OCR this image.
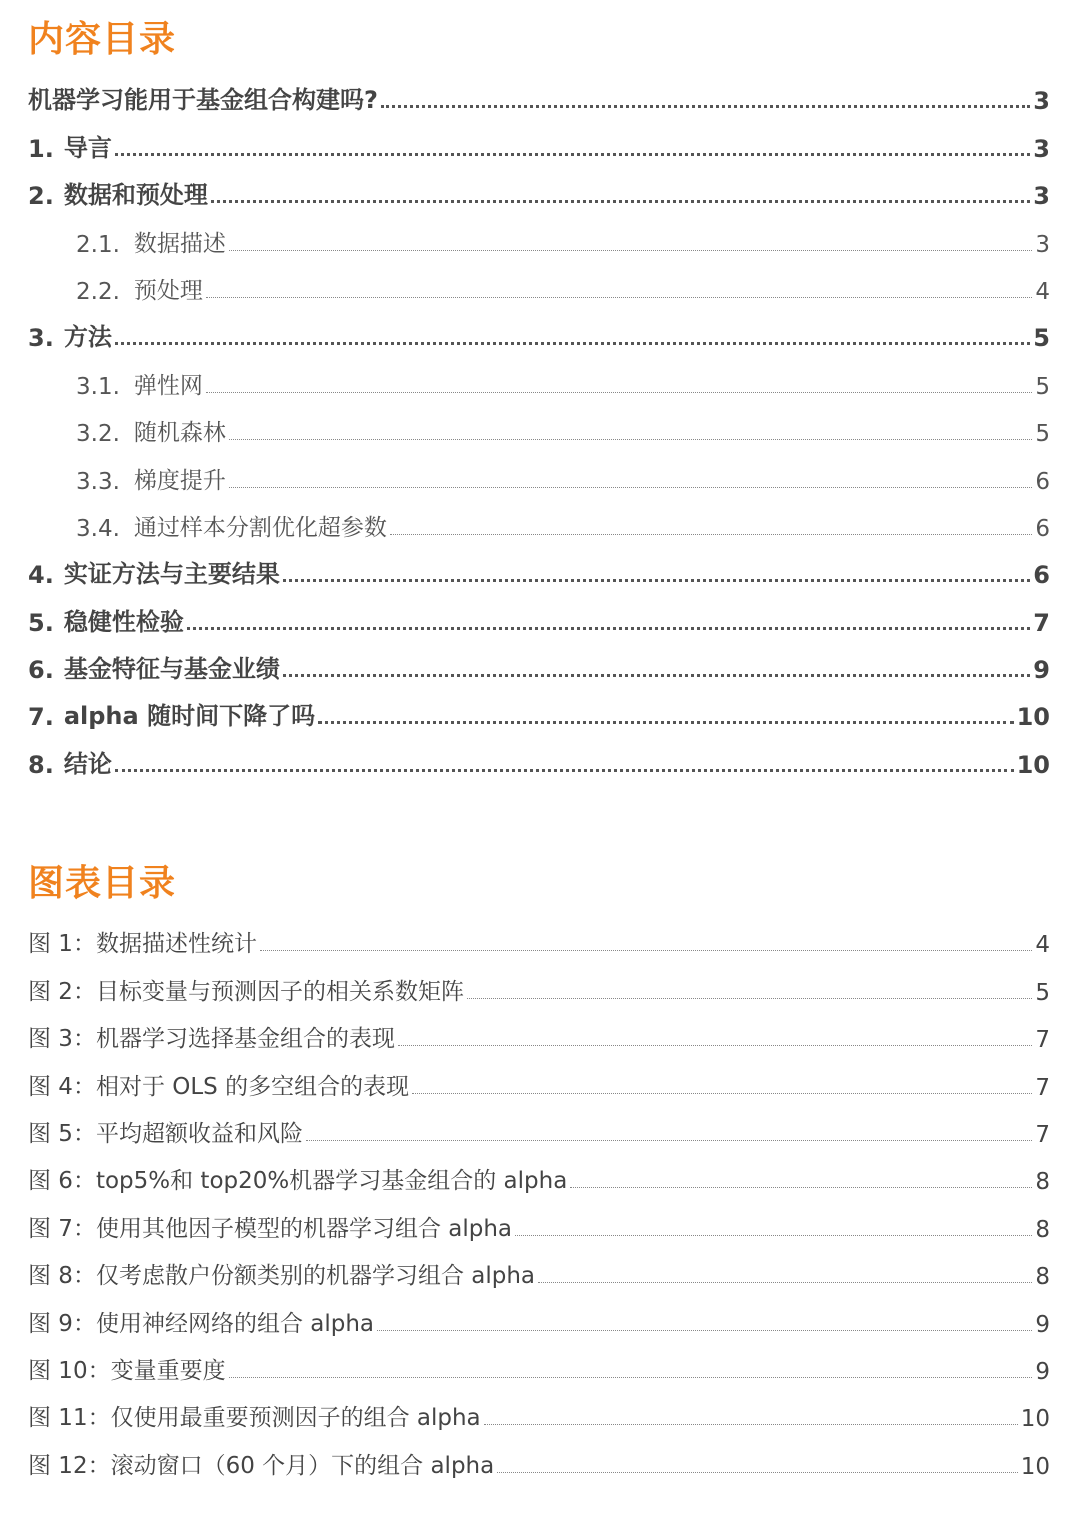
内容目录
机器学习能用于基金组合构建吗?	3
1. 导言	3
2. 数据和预处理	3
2.1. 数据描述	3
2.2. 预处理	4
3. 方法	5
3.1. 弹性网	5
3.2. 随机森林	5
3.3. 梯度提升	6
3.4. 通过样本分割优化超参数	6
4. 实证方法与主要结果	6
5. 稳健性检验	7
6. 基金特征与基金业绩	9
7. alpha 随时间下降了吗	10
8. 结论	10
图表目录
图 1：数据描述性统计	4
图 2：目标变量与预测因子的相关系数矩阵	5
图 3：机器学习选择基金组合的表现	7
图 4：相对于 OLS 的多空组合的表现	7
图 5：平均超额收益和风险	7
图 6：top5%和 top20%机器学习基金组合的 alpha	8
图 7：使用其他因子模型的机器学习组合 alpha	8
图 8：仅考虑散户份额类别的机器学习组合 alpha	8
图 9：使用神经网络的组合 alpha	9
图 10：变量重要度	9
图 11：仅使用最重要预测因子的组合 alpha	10
图 12：滚动窗口（60 个月）下的组合 alpha	10
